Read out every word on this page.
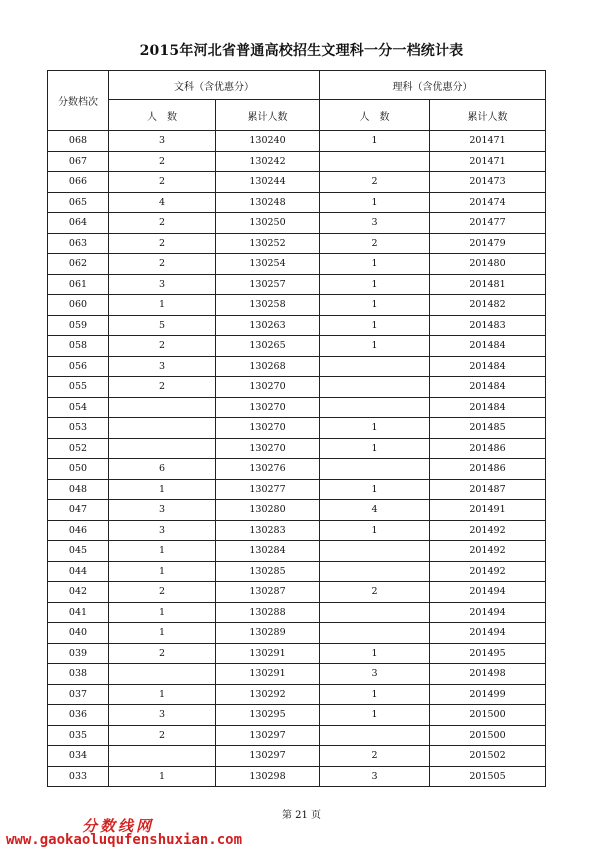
2015年河北省普通高校招生文理科一分一档统计表
分数档次	文科（含优惠分）		理科（含优惠分）	
	人　数	累计人数	人　数	累计人数
068	3	130240	1	201471
067	2	130242		201471
066	2	130244	2	201473
065	4	130248	1	201474
064	2	130250	3	201477
063	2	130252	2	201479
062	2	130254	1	201480
061	3	130257	1	201481
060	1	130258	1	201482
059	5	130263	1	201483
058	2	130265	1	201484
056	3	130268		201484
055	2	130270		201484
054		130270		201484
053		130270	1	201485
052		130270	1	201486
050	6	130276		201486
048	1	130277	1	201487
047	3	130280	4	201491
046	3	130283	1	201492
045	1	130284		201492
044	1	130285		201492
042	2	130287	2	201494
041	1	130288		201494
040	1	130289		201494
039	2	130291	1	201495
038		130291	3	201498
037	1	130292	1	201499
036	3	130295	1	201500
035	2	130297		201500
034		130297	2	201502
033	1	130298	3	201505
第 21 页
分数线网
www.gaokaoluqufenshuxian.com
